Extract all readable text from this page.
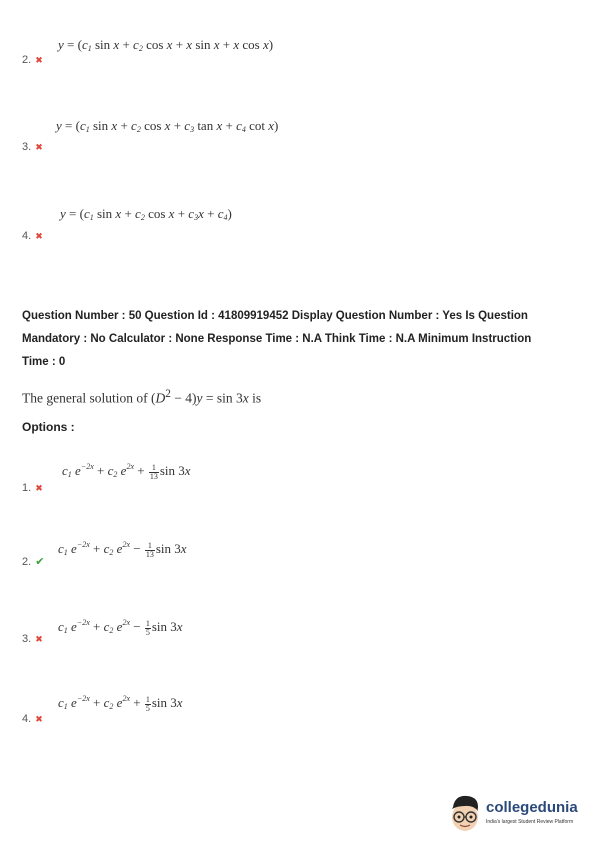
$y = (c_1$ $\sin x + c_2$ cos x + x sin x + x cos x)
2. ✖
$y = (c_1$ $\sin x + c_2$ $\cos x + c_3$ $\tan x + c_4$ cot x)
3. ✖
$y = (c_1$ $\sin x + c_2$ $\cos x + c_3x + c_4$)
4. ✖
Question Number : 50 Question Id : 41809919452 Display Question Number : Yes Is Question
Mandatory : No Calculator : None Response Time : N.A Think Time : N.A Minimum Instruction
Time : 0
The general solution of $(D^2 - 4)y = \sin 3x$ is
Options :
$c_1$ $e^{-2x} + c_2$ $e^{2x} + \frac{1}{13}$ sin 3x
1. ✖
$c_1$ $e^{-2x} + c_2$ $e^{2x} - \frac{1}{13}$ sin 3x
2. ✔
$c_1$ $e^{-2x} + c_2$ $e^{2x} - \frac{1}{5}$ sin 3x
3. ✖
$c_1$ $e^{-2x} + c_2$ $e^{2x} + \frac{1}{5}$ sin 3x
4. ✖
collegedunia
India's largest Student Review Platform
